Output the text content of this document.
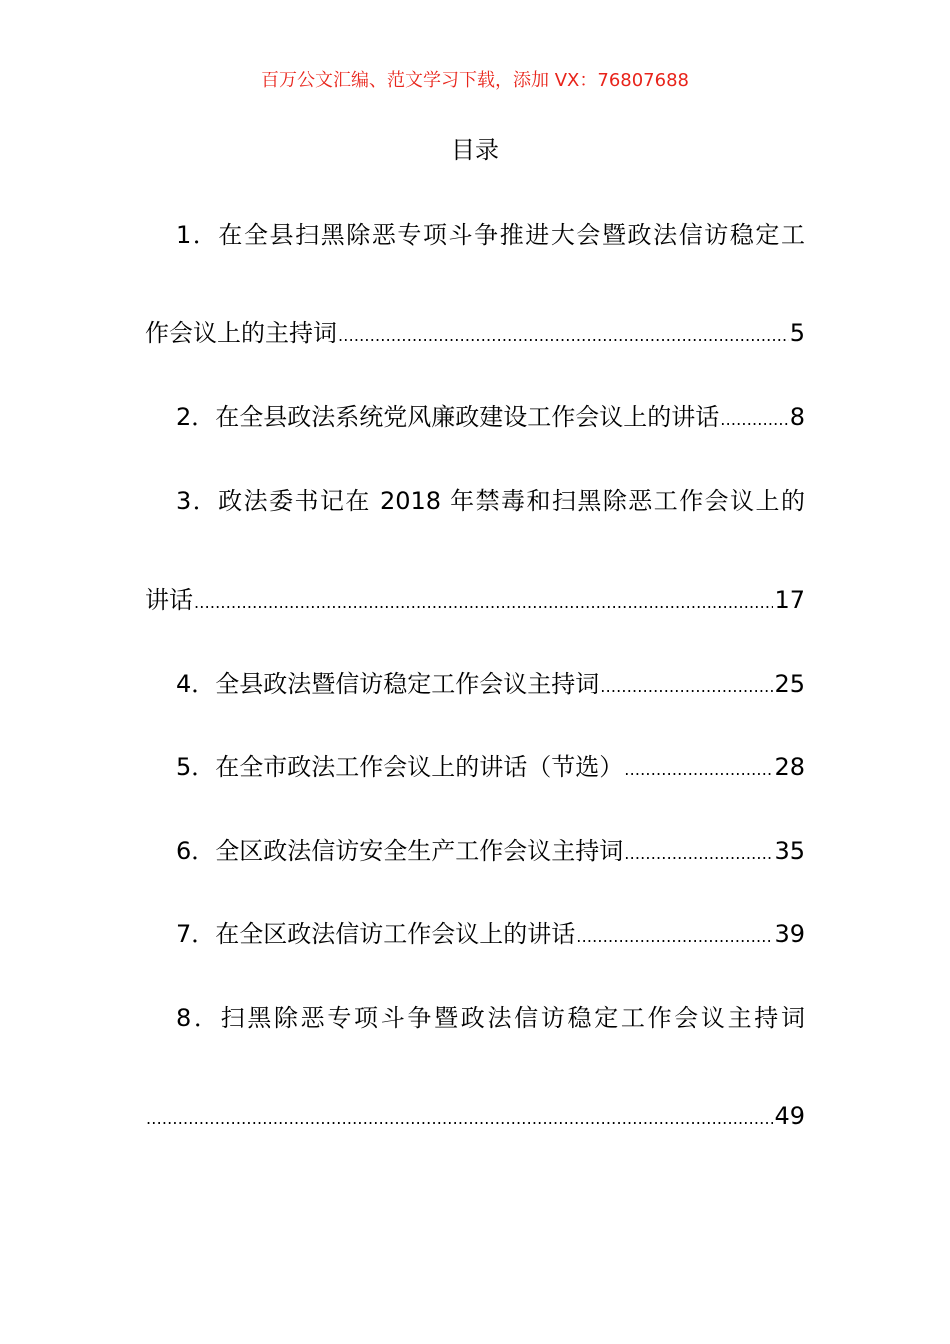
百万公文汇编、范文学习下载，添加 VX：76807688
目录
1．在全县扫黑除恶专项斗争推进大会暨政法信访稳定工
作会议上的主持词 .....	5
2．在全县政法系统党风廉政建设工作会议上的讲话 .....	8
3．政法委书记在 2018 年禁毒和扫黑除恶工作会议上的
讲话 .....	17
4．全县政法暨信访稳定工作会议主持词 .....	25
5．在全市政法工作会议上的讲话（节选） .....	28
6．全区政法信访安全生产工作会议主持词 .....	35
7．在全区政法信访工作会议上的讲话 .....	39
8．扫黑除恶专项斗争暨政法信访稳定工作会议主持词
.....
49
